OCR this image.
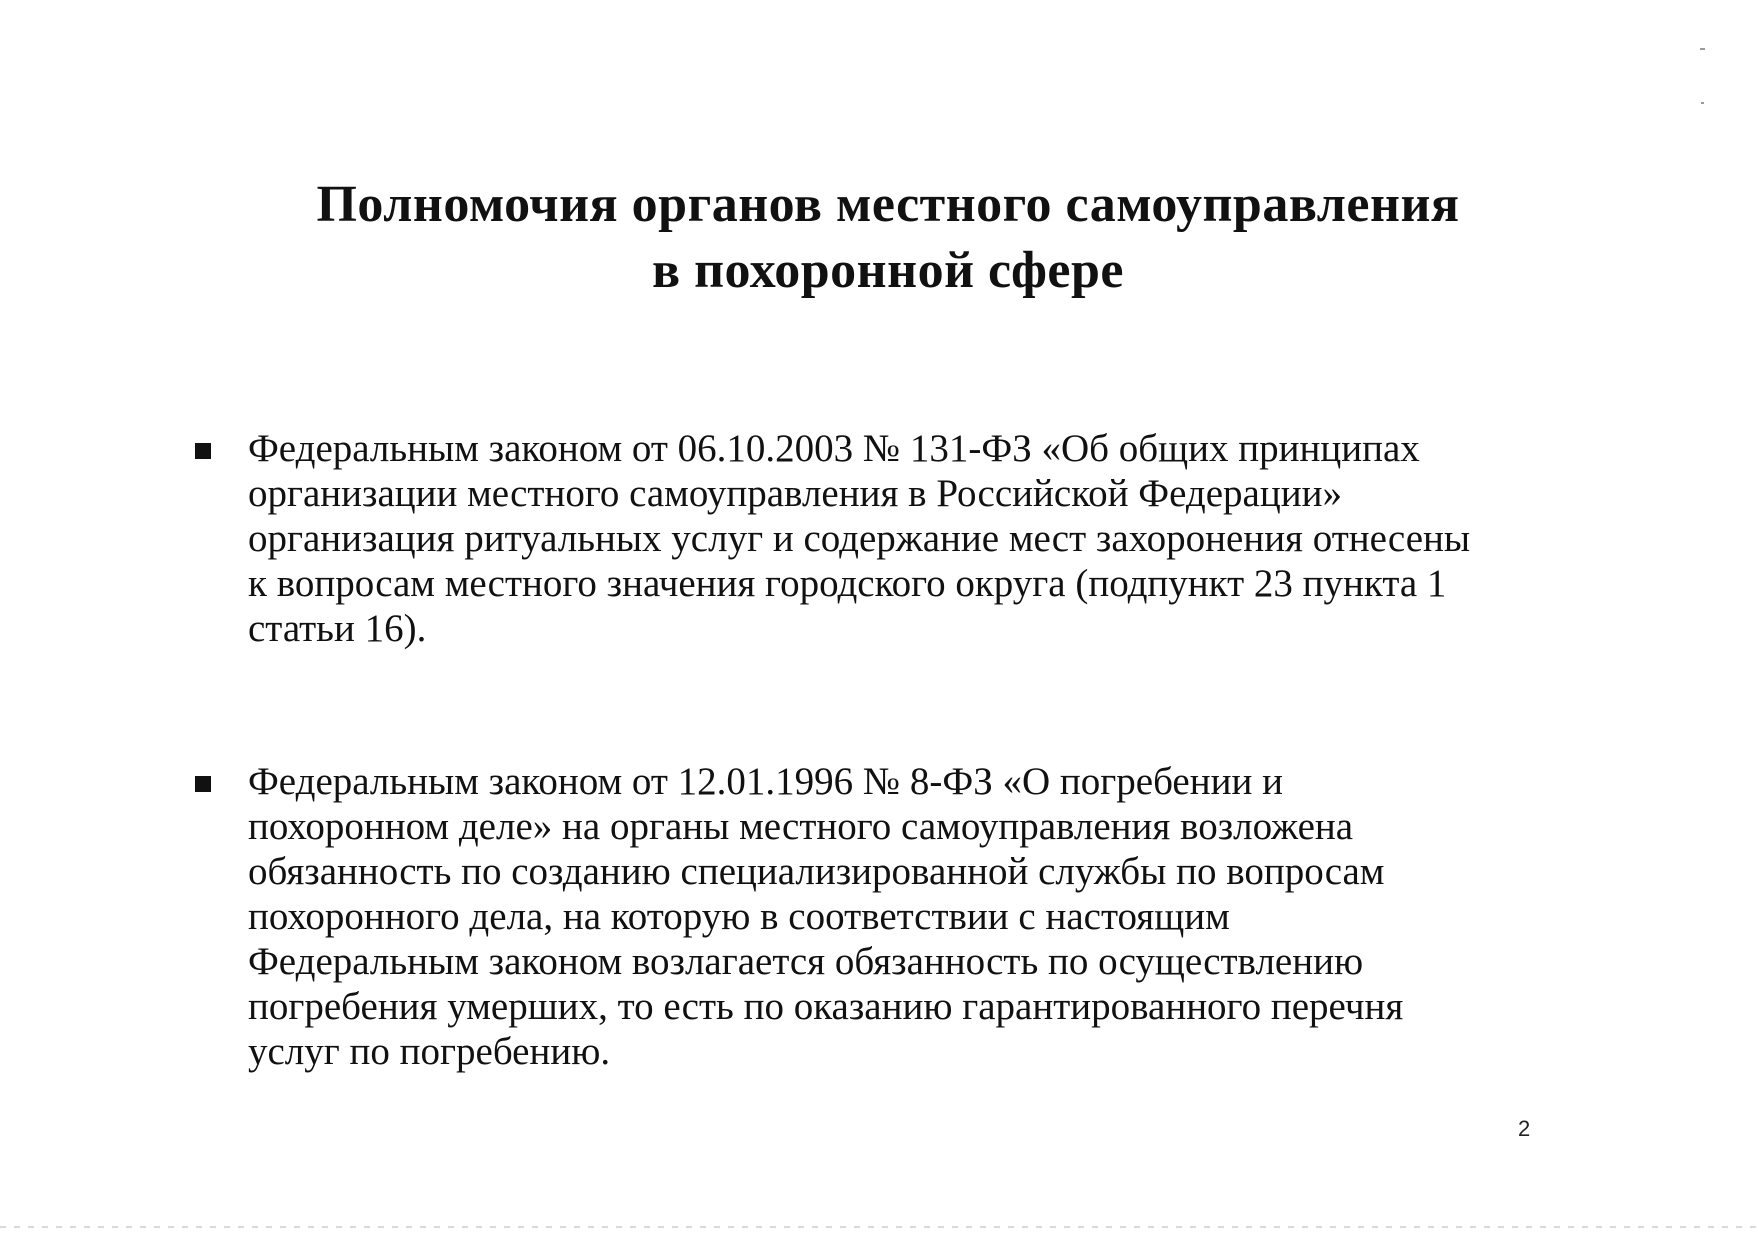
Полномочия органов местного самоуправления
в похоронной сфере
Федеральным законом от 06.10.2003 № 131-ФЗ «Об общих принципах
организации местного самоуправления в Российской Федерации»
организация ритуальных услуг и содержание мест захоронения отнесены
к вопросам местного значения городского округа (подпункт 23 пункта 1
статьи 16).
Федеральным законом от 12.01.1996 № 8-ФЗ «О погребении и
похоронном деле» на органы местного самоуправления возложена
обязанность по созданию специализированной службы по вопросам
похоронного дела, на которую в соответствии с настоящим
Федеральным законом возлагается обязанность по осуществлению
погребения умерших, то есть по оказанию гарантированного перечня
услуг по погребению.
2
